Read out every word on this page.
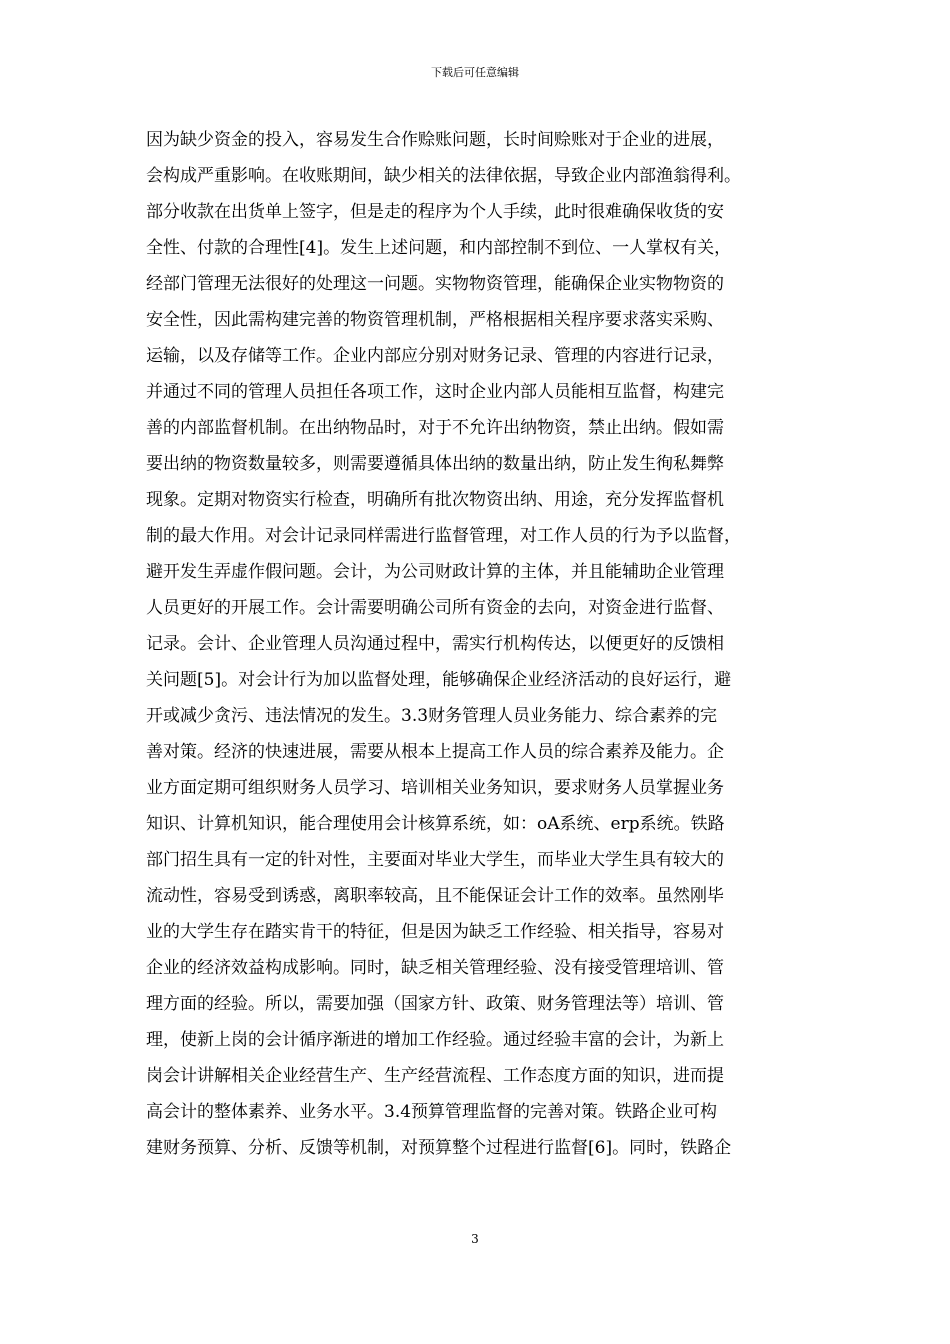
下载后可任意编辑
因为缺少资金的投入，容易发生合作赊账问题，长时间赊账对于企业的进展，
会构成严重影响。在收账期间，缺少相关的法律依据，导致企业内部渔翁得利。
部分收款在出货单上签字，但是走的程序为个人手续，此时很难确保收货的安
全性、付款的合理性[4]。发生上述问题，和内部控制不到位、一人掌权有关，
经部门管理无法很好的处理这一问题。实物物资管理，能确保企业实物物资的
安全性，因此需构建完善的物资管理机制，严格根据相关程序要求落实采购、
运输，以及存储等工作。企业内部应分别对财务记录、管理的内容进行记录，
并通过不同的管理人员担任各项工作，这时企业内部人员能相互监督，构建完
善的内部监督机制。在出纳物品时，对于不允许出纳物资，禁止出纳。假如需
要出纳的物资数量较多，则需要遵循具体出纳的数量出纳，防止发生徇私舞弊
现象。定期对物资实行检查，明确所有批次物资出纳、用途，充分发挥监督机
制的最大作用。对会计记录同样需进行监督管理，对工作人员的行为予以监督，
避开发生弄虚作假问题。会计，为公司财政计算的主体，并且能辅助企业管理
人员更好的开展工作。会计需要明确公司所有资金的去向，对资金进行监督、
记录。会计、企业管理人员沟通过程中，需实行机构传达，以便更好的反馈相
关问题[5]。对会计行为加以监督处理，能够确保企业经济活动的良好运行，避
开或减少贪污、违法情况的发生。3.3财务管理人员业务能力、综合素养的完
善对策。经济的快速进展，需要从根本上提高工作人员的综合素养及能力。企
业方面定期可组织财务人员学习、培训相关业务知识，要求财务人员掌握业务
知识、计算机知识，能合理使用会计核算系统，如：oA系统、erp系统。铁路
部门招生具有一定的针对性，主要面对毕业大学生，而毕业大学生具有较大的
流动性，容易受到诱惑，离职率较高，且不能保证会计工作的效率。虽然刚毕
业的大学生存在踏实肯干的特征，但是因为缺乏工作经验、相关指导，容易对
企业的经济效益构成影响。同时，缺乏相关管理经验、没有接受管理培训、管
理方面的经验。所以，需要加强（国家方针、政策、财务管理法等）培训、管
理，使新上岗的会计循序渐进的增加工作经验。通过经验丰富的会计，为新上
岗会计讲解相关企业经营生产、生产经营流程、工作态度方面的知识，进而提
高会计的整体素养、业务水平。3.4预算管理监督的完善对策。铁路企业可构
建财务预算、分析、反馈等机制，对预算整个过程进行监督[6]。同时，铁路企
3
